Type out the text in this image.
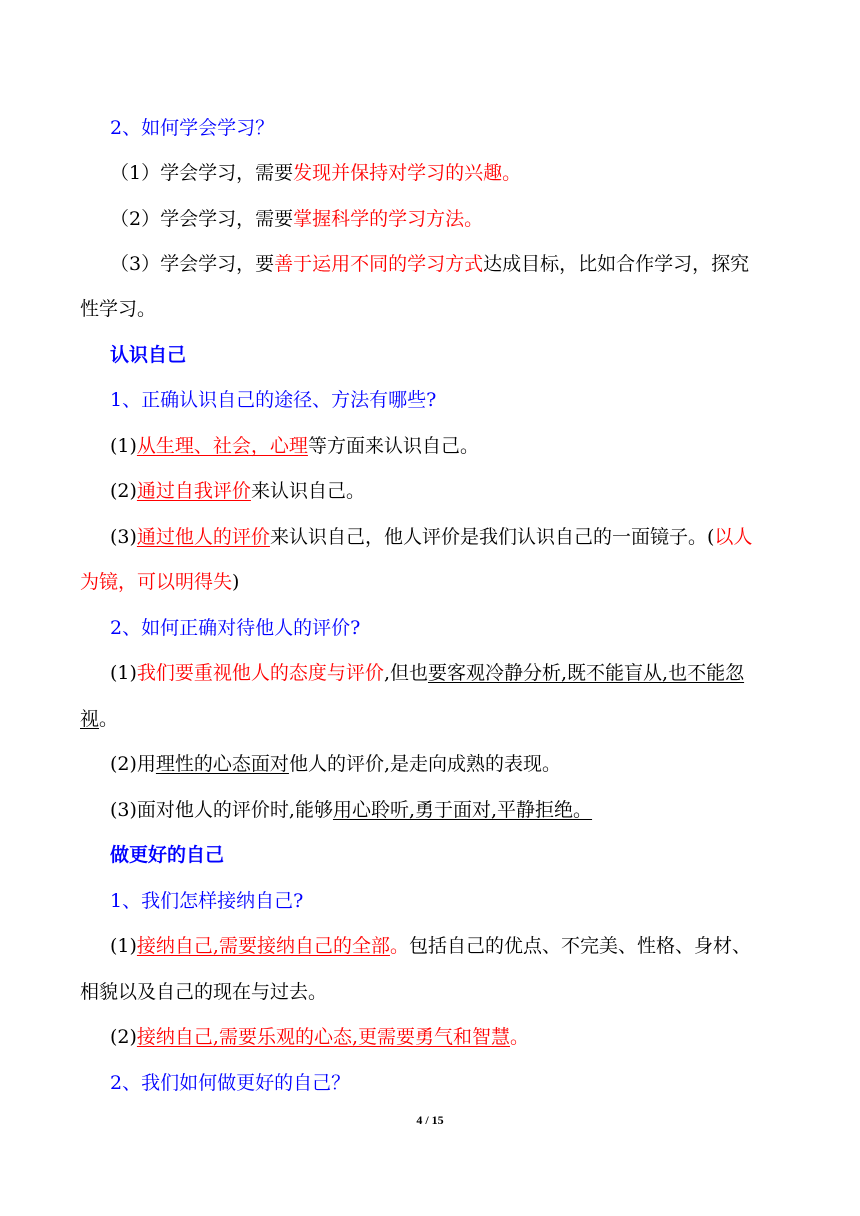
2、如何学会学习？
（1）学会学习，需要发现并保持对学习的兴趣。
（2）学会学习，需要掌握科学的学习方法。
（3）学会学习，要善于运用不同的学习方式达成目标，比如合作学习，探究
性学习。
认识自己
1、正确认识自己的途径、方法有哪些?
(1)从生理、社会，心理等方面来认识自己。
(2)通过自我评价来认识自己。
(3)通过他人的评价来认识自己，他人评价是我们认识自己的一面镜子。(以人
为镜，可以明得失)
2、如何正确对待他人的评价?
(1)我们要重视他人的态度与评价,但也要客观冷静分析,既不能盲从,也不能忽
视。
(2)用理性的心态面对他人的评价,是走向成熟的表现。
(3)面对他人的评价时,能够用心聆听,勇于面对,平静拒绝。
做更好的自己
1、我们怎样接纳自己?
(1)接纳自己,需要接纳自己的全部。包括自己的优点、不完美、性格、身材、
相貌以及自己的现在与过去。
(2)接纳自己,需要乐观的心态,更需要勇气和智慧。
2、我们如何做更好的自己？
4 / 15
